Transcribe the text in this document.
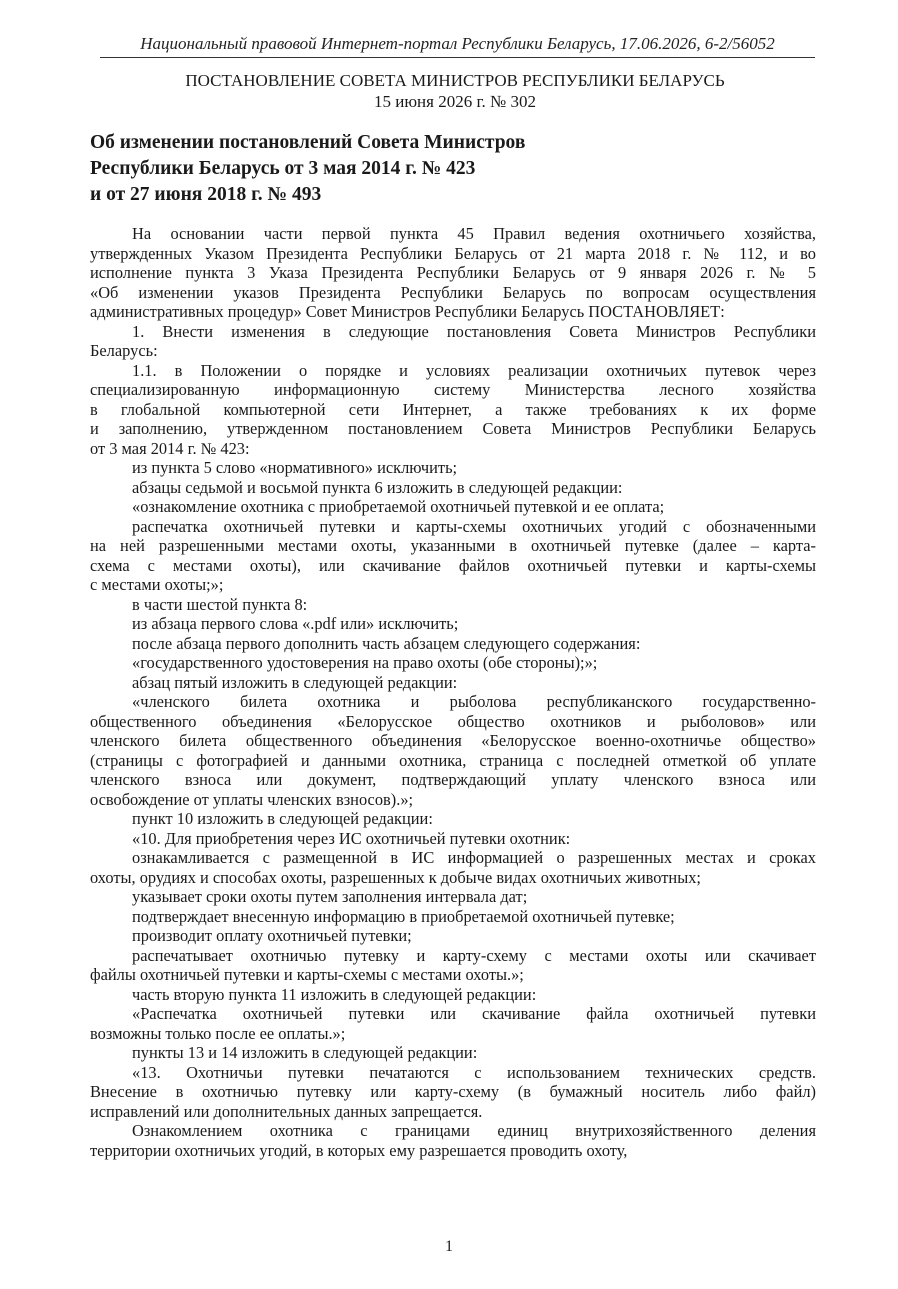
Национальный правовой Интернет-портал Республики Беларусь, 17.06.2026, 6-2/56052
ПОСТАНОВЛЕНИЕ СОВЕТА МИНИСТРОВ РЕСПУБЛИКИ БЕЛАРУСЬ
15 июня 2026 г. № 302
Об изменении постановлений Совета Министров
Республики Беларусь от 3 мая 2014 г. № 423
и от 27 июня 2018 г. № 493
На основании части первой пункта 45 Правил ведения охотничьего хозяйства,
утвержденных Указом Президента Республики Беларусь от 21 марта 2018 г. № 112, и во
исполнение пункта 3 Указа Президента Республики Беларусь от 9 января 2026 г. № 5
«Об изменении указов Президента Республики Беларусь по вопросам осуществления
административных процедур» Совет Министров Республики Беларусь ПОСТАНОВЛЯЕТ:
1. Внести изменения в следующие постановления Совета Министров Республики
Беларусь:
1.1. в Положении о порядке и условиях реализации охотничьих путевок через
специализированную информационную систему Министерства лесного хозяйства
в глобальной компьютерной сети Интернет, а также требованиях к их форме
и заполнению, утвержденном постановлением Совета Министров Республики Беларусь
от 3 мая 2014 г. № 423:
из пункта 5 слово «нормативного» исключить;
абзацы седьмой и восьмой пункта 6 изложить в следующей редакции:
«ознакомление охотника с приобретаемой охотничьей путевкой и ее оплата;
распечатка охотничьей путевки и карты-схемы охотничьих угодий с обозначенными
на ней разрешенными местами охоты, указанными в охотничьей путевке (далее – карта-
схема с местами охоты), или скачивание файлов охотничьей путевки и карты-схемы
с местами охоты;»;
в части шестой пункта 8:
из абзаца первого слова «.pdf или» исключить;
после абзаца первого дополнить часть абзацем следующего содержания:
«государственного удостоверения на право охоты (обе стороны);»;
абзац пятый изложить в следующей редакции:
«членского билета охотника и рыболова республиканского государственно-
общественного объединения «Белорусское общество охотников и рыболовов» или
членского билета общественного объединения «Белорусское военно-охотничье общество»
(страницы с фотографией и данными охотника, страница с последней отметкой об уплате
членского взноса или документ, подтверждающий уплату членского взноса или
освобождение от уплаты членских взносов).»;
пункт 10 изложить в следующей редакции:
«10. Для приобретения через ИС охотничьей путевки охотник:
ознакамливается с размещенной в ИС информацией о разрешенных местах и сроках
охоты, орудиях и способах охоты, разрешенных к добыче видах охотничьих животных;
указывает сроки охоты путем заполнения интервала дат;
подтверждает внесенную информацию в приобретаемой охотничьей путевке;
производит оплату охотничьей путевки;
распечатывает охотничью путевку и карту-схему с местами охоты или скачивает
файлы охотничьей путевки и карты-схемы с местами охоты.»;
часть вторую пункта 11 изложить в следующей редакции:
«Распечатка охотничьей путевки или скачивание файла охотничьей путевки
возможны только после ее оплаты.»;
пункты 13 и 14 изложить в следующей редакции:
«13. Охотничьи путевки печатаются с использованием технических средств.
Внесение в охотничью путевку или карту-схему (в бумажный носитель либо файл)
исправлений или дополнительных данных запрещается.
Ознакомлением охотника с границами единиц внутрихозяйственного деления
территории охотничьих угодий, в которых ему разрешается проводить охоту,
1
